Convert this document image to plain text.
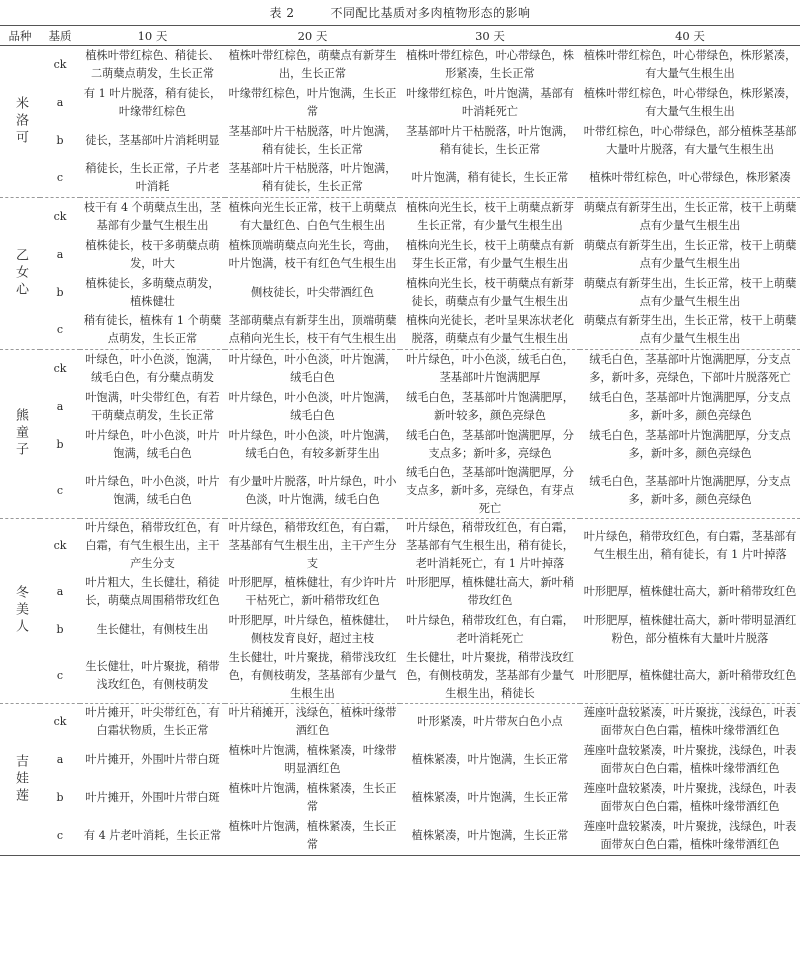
表 2	不同配比基质对多肉植物形态的影响
品种	基质	10 天	20 天	30 天	40 天
米洛可	ck	植株叶带红棕色、稍徒长、二萌蘖点萌发，生长正常	植株叶带红棕色，萌蘖点有新芽生出，生长正常	植株叶带红棕色，叶心带绿色，株形紧凑，生长正常	植株叶带红棕色，叶心带绿色，株形紧凑，有大量气生根生出
	a	有 1 叶片脱落，稍有徒长，叶缘带红棕色	叶缘带红棕色，叶片饱满，生长正常	叶缘带红棕色，叶片饱满，基部有叶消耗死亡	植株叶带红棕色，叶心带绿色，株形紧凑，有大量气生根生出
	b	徒长，茎基部叶片消耗明显	茎基部叶片干枯脱落，叶片饱满，稍有徒长，生长正常	茎基部叶片干枯脱落，叶片饱满，稍有徒长，生长正常	叶带红棕色，叶心带绿色，部分植株茎基部大量叶片脱落，有大量气生根生出
	c	稍徒长，生长正常，子片老叶消耗	茎基部叶片干枯脱落，叶片饱满，稍有徒长，生长正常	叶片饱满，稍有徒长，生长正常	植株叶带红棕色，叶心带绿色，株形紧凑
乙女心	ck	枝干有 4 个萌蘖点生出，茎基部有少量气生根生出	植株向光生长正常，枝干上萌蘖点有大量红色、白色气生根生出	植株向光生长，枝干上萌蘖点新芽生长正常，有少量气生根生出	萌蘖点有新芽生出，生长正常，枝干上萌蘖点有少量气生根生出
	a	植株徒长，枝干多萌蘖点萌发，叶大	植株顶端萌蘖点向光生长，弯曲，叶片饱满，枝干有红色气生根生出	植株向光生长，枝干上萌蘖点有新芽生长正常，有少量气生根生出	萌蘖点有新芽生出，生长正常，枝干上萌蘖点有少量气生根生出
	b	植株徒长，多萌蘖点萌发，植株健壮	侧枝徒长，叶尖带酒红色	植株向光生长，枝干萌蘖点有新芽徒长，萌蘖点有少量气生根生出	萌蘖点有新芽生出，生长正常，枝干上萌蘖点有少量气生根生出
	c	稍有徒长，植株有 1 个萌蘖点萌发，生长正常	茎部萌蘖点有新芽生出，顶端萌蘖点稍向光生长，枝干有气生根生出	植株向光徒长，老叶呈果冻状老化脱落，萌蘖点有少量气生根生出	萌蘖点有新芽生出，生长正常，枝干上萌蘖点有少量气生根生出
熊童子	ck	叶绿色，叶小色淡，饱满，绒毛白色，有分蘖点萌发	叶片绿色，叶小色淡，叶片饱满，绒毛白色	叶片绿色，叶小色淡，绒毛白色，茎基部叶片饱满肥厚	绒毛白色，茎基部叶片饱满肥厚，分支点多，新叶多，亮绿色，下部叶片脱落死亡
	a	叶饱满，叶尖带红色，有若干萌蘖点萌发，生长正常	叶片绿色，叶小色淡，叶片饱满，绒毛白色	绒毛白色，茎基部叶片饱满肥厚，新叶较多，颜色亮绿色	绒毛白色，茎基部叶片饱满肥厚，分支点多，新叶多，颜色亮绿色
	b	叶片绿色，叶小色淡，叶片饱满，绒毛白色	叶片绿色，叶小色淡，叶片饱满，绒毛白色，有较多新芽生出	绒毛白色，茎基部叶饱满肥厚，分支点多；新叶多，亮绿色	绒毛白色，茎基部叶片饱满肥厚，分支点多，新叶多，颜色亮绿色
	c	叶片绿色，叶小色淡，叶片饱满，绒毛白色	有少量叶片脱落，叶片绿色，叶小色淡，叶片饱满，绒毛白色	绒毛白色，茎基部叶饱满肥厚，分支点多，新叶多，亮绿色，有芽点死亡	绒毛白色，茎基部叶片饱满肥厚，分支点多，新叶多，颜色亮绿色
冬美人	ck	叶片绿色，稍带玫红色，有白霜，有气生根生出，主干产生分支	叶片绿色，稍带玫红色，有白霜，茎基部有气生根生出，主干产生分支	叶片绿色，稍带玫红色，有白霜，茎基部有气生根生出，稍有徒长，老叶消耗死亡，有 1 片叶掉落	叶片绿色，稍带玫红色，有白霜，茎基部有气生根生出，稍有徒长，有 1 片叶掉落
	a	叶片粗大，生长健壮，稍徒长，萌蘖点周围稍带玫红色	叶形肥厚，植株健壮，有少许叶片干枯死亡，新叶稍带玫红色	叶形肥厚，植株健壮高大，新叶稍带玫红色	叶形肥厚，植株健壮高大，新叶稍带玫红色
	b	生长健壮，有侧枝生出	叶形肥厚，叶片绿色，植株健壮，侧枝发育良好，超过主枝	叶片绿色，稍带玫红色，有白霜，老叶消耗死亡	叶形肥厚，植株健壮高大，新叶带明显酒红粉色，部分植株有大量叶片脱落
	c	生长健壮，叶片聚拢，稍带浅玫红色，有侧枝萌发	生长健壮，叶片聚拢，稍带浅玫红色，有侧枝萌发，茎基部有少量气生根生出	生长健壮，叶片聚拢，稍带浅玫红色，有侧枝萌发，茎基部有少量气生根生出，稍徒长	叶形肥厚，植株健壮高大，新叶稍带玫红色
吉娃莲	ck	叶片摊开，叶尖带红色，有白霜状物质，生长正常	叶片稍摊开，浅绿色，植株叶缘带酒红色	叶形紧凑，叶片带灰白色小点	莲座叶盘较紧凑，叶片聚拢，浅绿色，叶表面带灰白色白霜，植株叶缘带酒红色
	a	叶片摊开，外围叶片带白斑	植株叶片饱满，植株紧凑，叶缘带明显酒红色	植株紧凑，叶片饱满，生长正常	莲座叶盘较紧凑，叶片聚拢，浅绿色，叶表面带灰白色白霜，植株叶缘带酒红色
	b	叶片摊开，外围叶片带白斑	植株叶片饱满，植株紧凑，生长正常	植株紧凑，叶片饱满，生长正常	莲座叶盘较紧凑，叶片聚拢，浅绿色，叶表面带灰白色白霜，植株叶缘带酒红色
	c	有 4 片老叶消耗，生长正常	植株叶片饱满，植株紧凑，生长正常	植株紧凑，叶片饱满，生长正常	莲座叶盘较紧凑，叶片聚拢，浅绿色，叶表面带灰白色白霜，植株叶缘带酒红色
